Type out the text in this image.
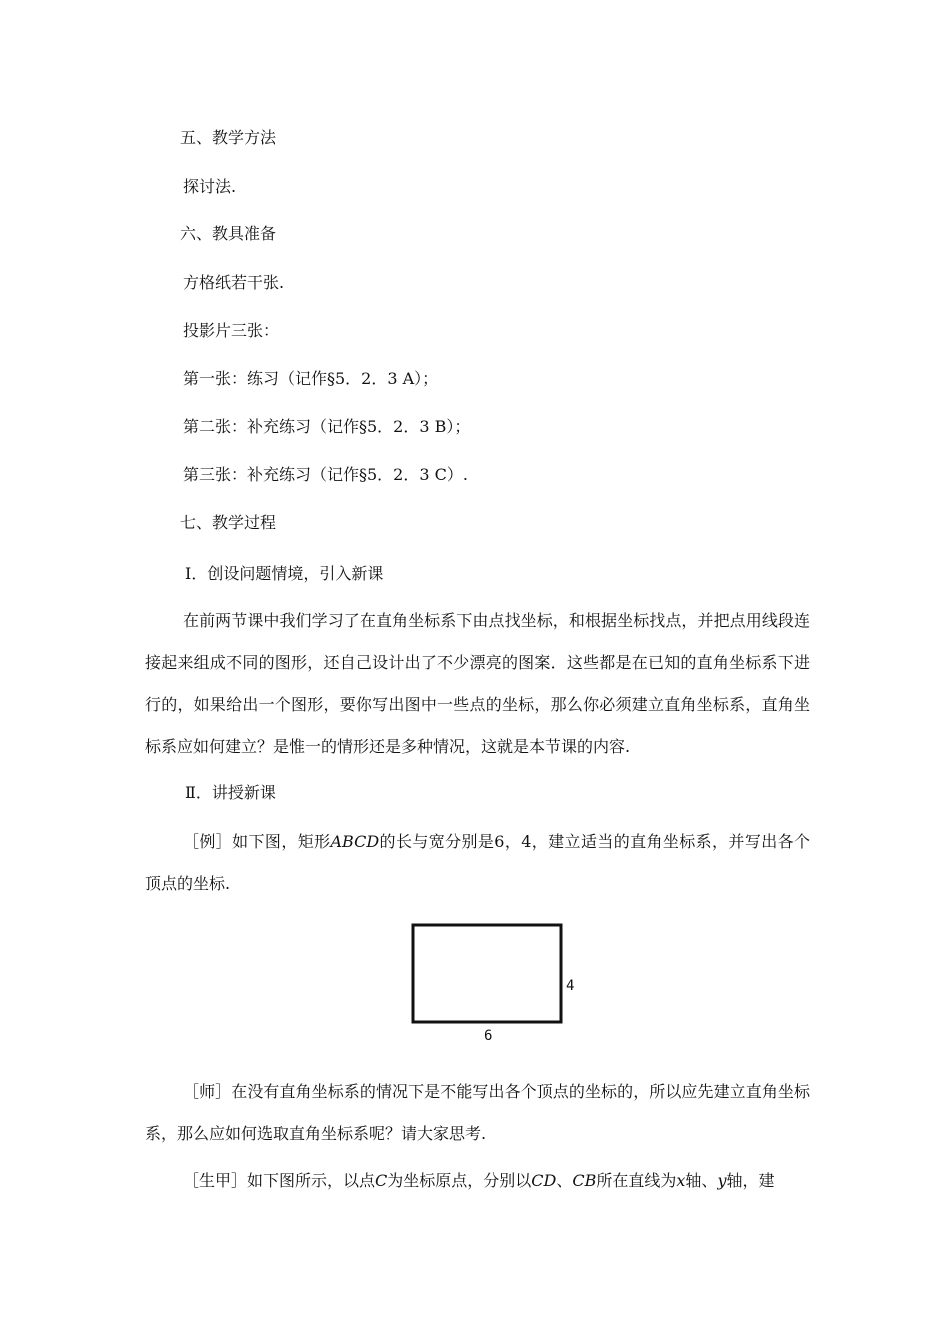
五、教学方法
探讨法.
六、教具准备
方格纸若干张.
投影片三张：
第一张：练习（记作§5．2．3 A）；
第二张：补充练习（记作§5．2．3 B）；
第三张：补充练习（记作§5．2．3 C）.
七、教学过程
Ⅰ．创设问题情境，引入新课
在前两节课中我们学习了在直角坐标系下由点找坐标，和根据坐标找点，并把点用线段连接起来组成不同的图形，还自己设计出了不少漂亮的图案．这些都是在已知的直角坐标系下进行的，如果给出一个图形，要你写出图中一些点的坐标，那么你必须建立直角坐标系，直角坐标系应如何建立？是惟一的情形还是多种情况，这就是本节课的内容.
Ⅱ．讲授新课
［例］如下图，矩形ABCD的长与宽分别是6，4，建立适当的直角坐标系，并写出各个顶点的坐标.
4
6
［师］在没有直角坐标系的情况下是不能写出各个顶点的坐标的，所以应先建立直角坐标系，那么应如何选取直角坐标系呢？请大家思考.
［生甲］如下图所示，以点C为坐标原点，分别以CD、CB所在直线为x轴、y轴，建
